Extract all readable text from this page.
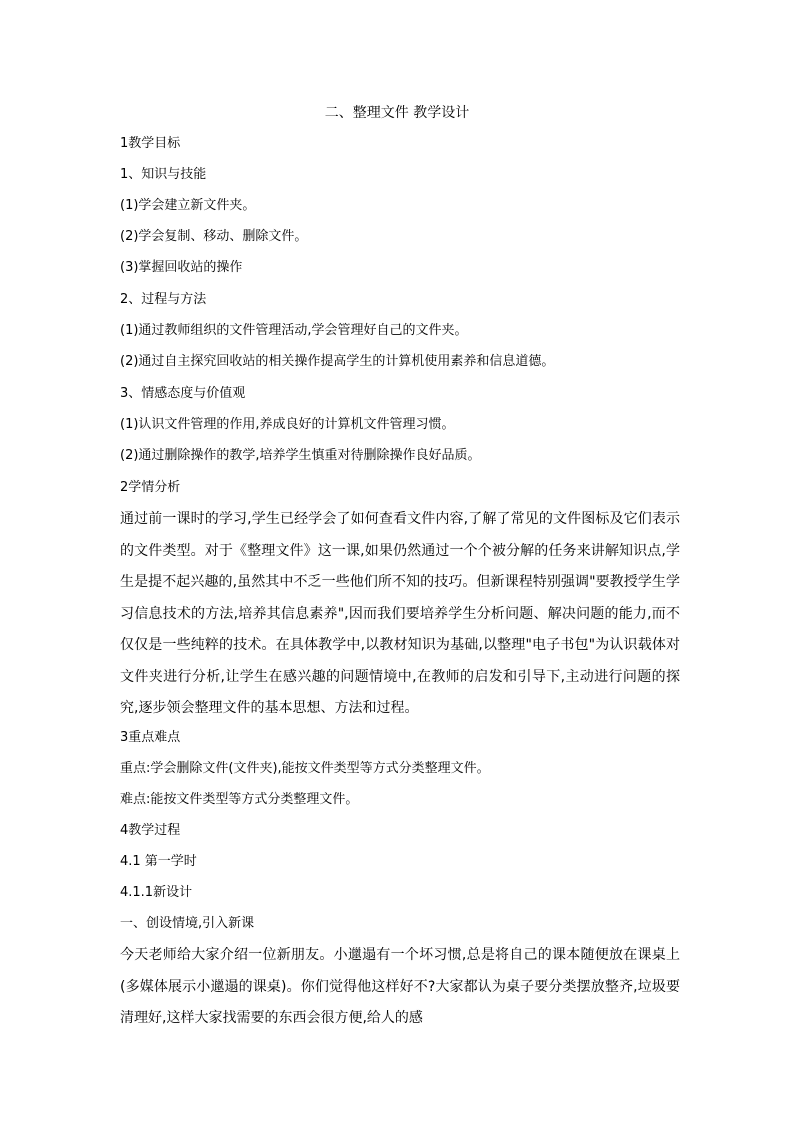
二、整理文件 教学设计
1教学目标
1、知识与技能
(1)学会建立新文件夹。
(2)学会复制、移动、删除文件。
(3)掌握回收站的操作
2、过程与方法
(1)通过教师组织的文件管理活动,学会管理好自己的文件夹。
(2)通过自主探究回收站的相关操作提高学生的计算机使用素养和信息道德。
3、情感态度与价值观
(1)认识文件管理的作用,养成良好的计算机文件管理习惯。
(2)通过删除操作的教学,培养学生慎重对待删除操作良好品质。
2学情分析

通过前一课时的学习,学生已经学会了如何查看文件内容,了解了常见的文件图标及它们表示的文件类型。对于《整理文件》这一课,如果仍然通过一个个被分解的任务来讲解知识点,学生是提不起兴趣的,虽然其中不乏一些他们所不知的技巧。但新课程特别强调"要教授学生学习信息技术的方法,培养其信息素养",因而我们要培养学生分析问题、解决问题的能力,而不仅仅是一些纯粹的技术。在具体教学中,以教材知识为基础,以整理"电子书包"为认识载体对文件夹进行分析,让学生在感兴趣的问题情境中,在教师的启发和引导下,主动进行问题的探究,逐步领会整理文件的基本思想、方法和过程。

3重点难点
重点:学会删除文件(文件夹),能按文件类型等方式分类整理文件。
难点:能按文件类型等方式分类整理文件。
4教学过程
4.1 第一学时
4.1.1新设计
一、创设情境,引入新课

今天老师给大家介绍一位新朋友。小邋遢有一个坏习惯,总是将自己的课本随便放在课桌上(多媒体展示小邋遢的课桌)。你们觉得他这样好不?大家都认为桌子要分类摆放整齐,垃圾要清理好,这样大家找需要的东西会很方便,给人的感
